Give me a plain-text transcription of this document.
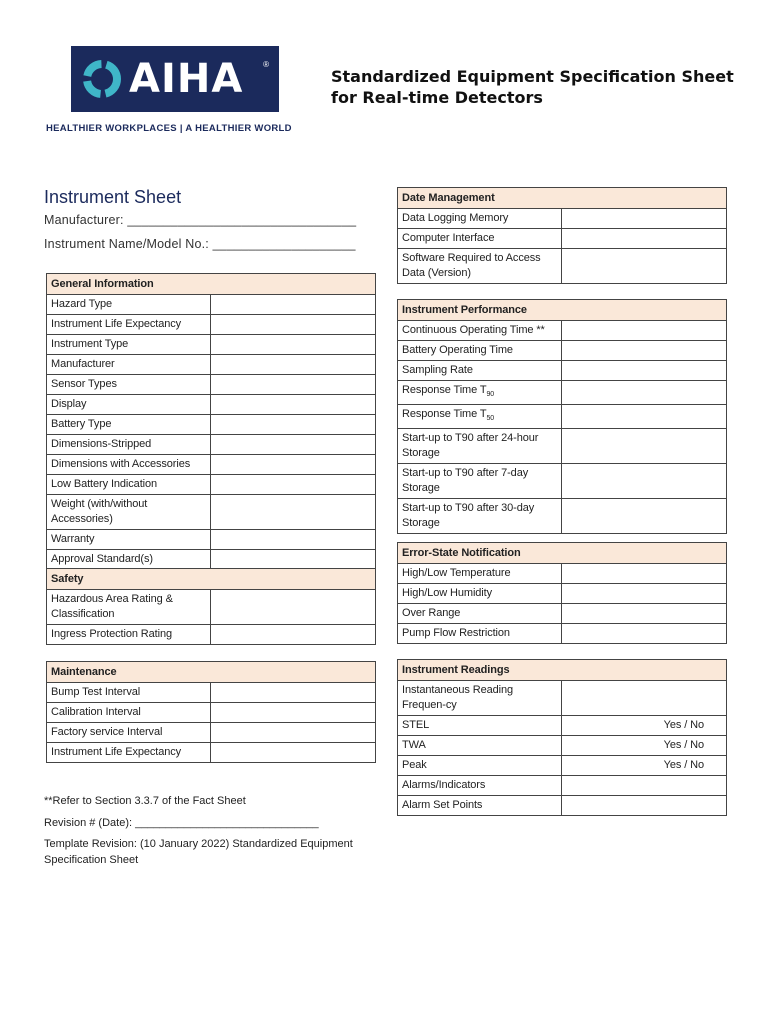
AIHA ®
HEALTHIER WORKPLACES | A HEALTHIER WORLD
Standardized Equipment Specification Sheet
for Real-time Detectors
Instrument Sheet
Manufacturer: ________________________________
Instrument Name/Model No.: ____________________
General Information	
Hazard Type	
Instrument Life Expectancy	
Instrument Type	
Manufacturer	
Sensor Types	
Display	
Battery Type	
Dimensions-Stripped	
Dimensions with Accessories	
Low Battery Indication	
Weight (with/without Accessories)	
Warranty	
Approval Standard(s)	
Safety	
Hazardous Area Rating & Classification	
Ingress Protection Rating	
Maintenance	
Bump Test Interval	
Calibration Interval	
Factory service Interval	
Instrument Life Expectancy	
Date Management	
Data Logging Memory	
Computer Interface	
Software Required to Access Data (Version)	
Instrument Performance	
Continuous Operating Time **	
Battery Operating Time	
Sampling Rate	
Response Time $T_{90}$	
Response Time $T_{50}$	
Start-up to T90 after 24-hour Storage	
Start-up to T90 after 7-day Storage	
Start-up to T90 after 30-day Storage	
Error-State Notification	
High/Low Temperature	
High/Low Humidity	
Over Range	
Pump Flow Restriction	
Instrument Readings	
Instantaneous Reading Frequen-cy	
STEL	Yes / No
TWA	Yes / No
Peak	Yes / No
Alarms/Indicators	
Alarm Set Points	
**Refer to Section 3.3.7 of the Fact Sheet
Revision # (Date): ______________________________
Template Revision: (10 January 2022) Standardized Equipment Specification Sheet
